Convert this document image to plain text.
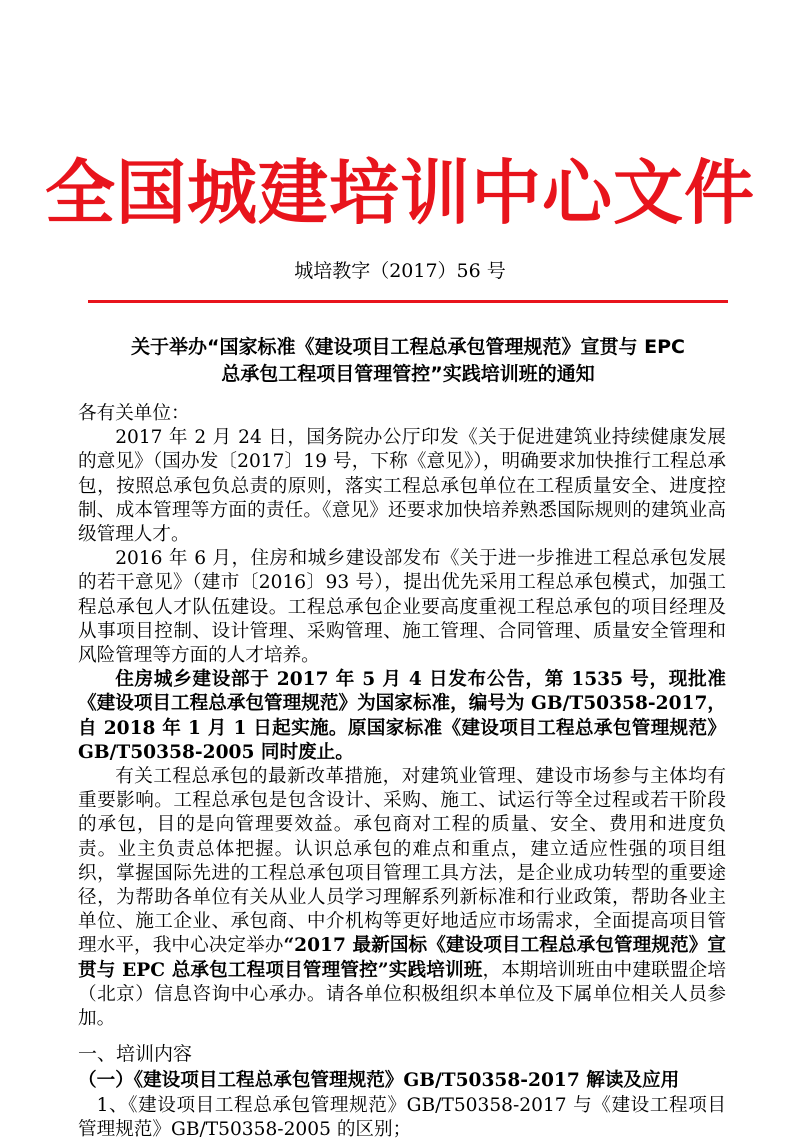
全国城建培训中心文件
城培教字（2017）56 号
关于举办“国家标准《建设项目工程总承包管理规范》宣贯与 EPC
总承包工程项目管理管控”实践培训班的通知

各有关单位：

2017 年 2 月 24 日，国务院办公厅印发《关于促进建筑业持续健康发展的意见》（国办发〔2017〕19 号，下称《意见》），明确要求加快推行工程总承包，按照总承包负总责的原则，落实工程总承包单位在工程质量安全、进度控制、成本管理等方面的责任。《意见》还要求加快培养熟悉国际规则的建筑业高级管理人才。

2016 年 6 月，住房和城乡建设部发布《关于进一步推进工程总承包发展的若干意见》（建市〔2016〕93 号），提出优先采用工程总承包模式，加强工程总承包人才队伍建设。工程总承包企业要高度重视工程总承包的项目经理及从事项目控制、设计管理、采购管理、施工管理、合同管理、质量安全管理和风险管理等方面的人才培养。

住房城乡建设部于 2017 年 5 月 4 日发布公告，第 1535 号，现批准《建设项目工程总承包管理规范》为国家标准，编号为 GB/T50358-2017，自 2018 年 1 月 1 日起实施。原国家标准《建设项目工程总承包管理规范》 GB/T50358-2005 同时废止。

有关工程总承包的最新改革措施，对建筑业管理、建设市场参与主体均有重要影响。工程总承包是包含设计、采购、施工、试运行等全过程或若干阶段的承包，目的是向管理要效益。承包商对工程的质量、安全、费用和进度负责。业主负责总体把握。认识总承包的难点和重点，建立适应性强的项目组织，掌握国际先进的工程总承包项目管理工具方法，是企业成功转型的重要途径，为帮助各单位有关从业人员学习理解系列新标准和行业政策，帮助各业主单位、施工企业、承包商、中介机构等更好地适应市场需求，全面提高项目管理水平，我中心决定举办“2017 最新国标《建设项目工程总承包管理规范》宣贯与 EPC 总承包工程项目管理管控”实践培训班，本期培训班由中建联盟企培（北京）信息咨询中心承办。请各单位积极组织本单位及下属单位相关人员参加。

一、培训内容

（一）《建设项目工程总承包管理规范》GB/T50358-2017 解读及应用

1、《建设项目工程总承包管理规范》GB/T50358-2017 与《建设工程项目管理规范》GB/T50358-2005 的区别；
